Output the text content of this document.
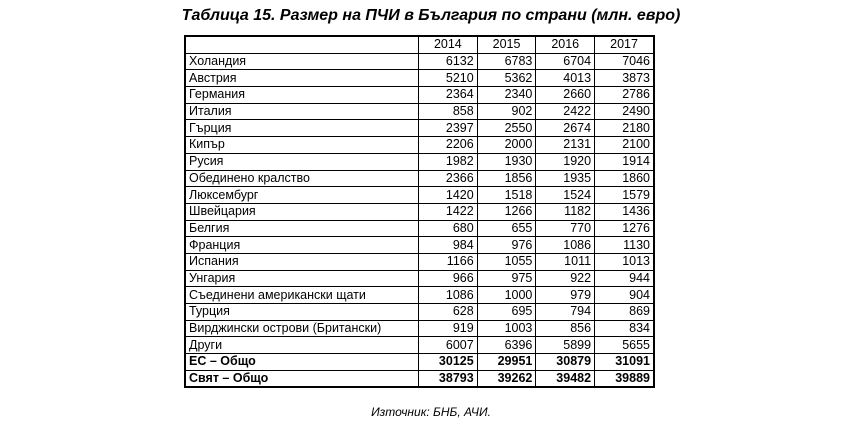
Таблица 15. Размер на ПЧИ в България по страни (млн. евро)
	2014	2015	2016	2017
Холандия	6132	6783	6704	7046
Австрия	5210	5362	4013	3873
Германия	2364	2340	2660	2786
Италия	858	902	2422	2490
Гърция	2397	2550	2674	2180
Кипър	2206	2000	2131	2100
Русия	1982	1930	1920	1914
Обединено кралство	2366	1856	1935	1860
Люксембург	1420	1518	1524	1579
Швейцария	1422	1266	1182	1436
Белгия	680	655	770	1276
Франция	984	976	1086	1130
Испания	1166	1055	1011	1013
Унгария	966	975	922	944
Съединени американски щати	1086	1000	979	904
Турция	628	695	794	869
Вирджински острови (Британски)	919	1003	856	834
Други	6007	6396	5899	5655
ЕС – Общо	30125	29951	30879	31091
Свят – Общо	38793	39262	39482	39889
Източник: БНБ, АЧИ.
